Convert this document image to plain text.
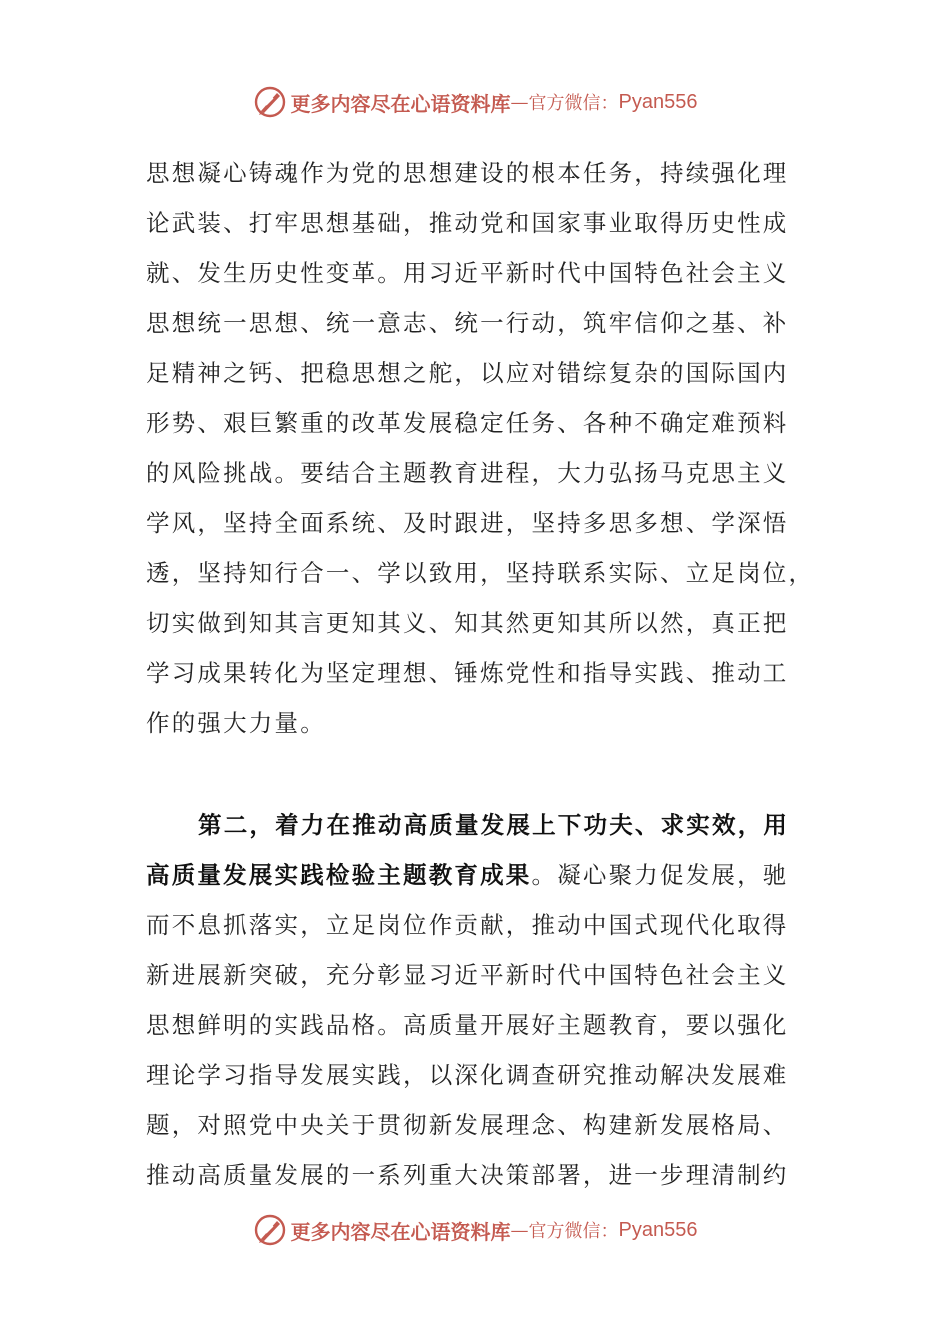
更多内容尽在心语资料库 — 官方微信： Pyan556

思想凝心铸魂作为党的思想建设的根本任务，持续强化理

论武装、打牢思想基础，推动党和国家事业取得历史性成

就、发生历史性变革。用习近平新时代中国特色社会主义

思想统一思想、统一意志、统一行动，筑牢信仰之基、补

足精神之钙、把稳思想之舵，以应对错综复杂的国际国内

形势、艰巨繁重的改革发展稳定任务、各种不确定难预料

的风险挑战。要结合主题教育进程，大力弘扬马克思主义

学风，坚持全面系统、及时跟进，坚持多思多想、学深悟

透，坚持知行合一、学以致用，坚持联系实际、立足岗位，

切实做到知其言更知其义、知其然更知其所以然，真正把

学习成果转化为坚定理想、锤炼党性和指导实践、推动工

作的强大力量。

第二，着力在推动高质量发展上下功夫、求实效，用

高质量发展实践检验主题教育成果。凝心聚力促发展，驰

而不息抓落实，立足岗位作贡献，推动中国式现代化取得

新进展新突破，充分彰显习近平新时代中国特色社会主义

思想鲜明的实践品格。高质量开展好主题教育，要以强化

理论学习指导发展实践，以深化调查研究推动解决发展难

题，对照党中央关于贯彻新发展理念、构建新发展格局、

推动高质量发展的一系列重大决策部署，进一步理清制约

更多内容尽在心语资料库 — 官方微信： Pyan556
